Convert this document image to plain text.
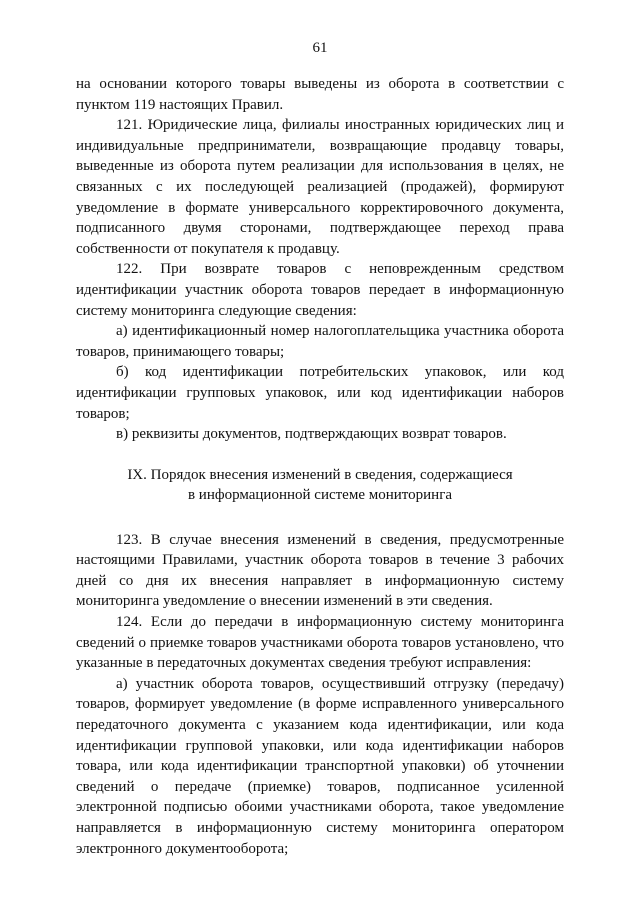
61

на основании которого товары выведены из оборота в соответствии с пунктом 119 настоящих Правил.

121. Юридические лица, филиалы иностранных юридических лиц и индивидуальные предприниматели, возвращающие продавцу товары, выведенные из оборота путем реализации для использования в целях, не связанных с их последующей реализацией (продажей), формируют уведомление в формате универсального корректировочного документа, подписанного двумя сторонами, подтверждающее переход права собственности от покупателя к продавцу.

122. При возврате товаров с неповрежденным средством идентификации участник оборота товаров передает в информационную систему мониторинга следующие сведения:

а) идентификационный номер налогоплательщика участника оборота товаров, принимающего товары;

б) код идентификации потребительских упаковок, или код идентификации групповых упаковок, или код идентификации наборов товаров;

в) реквизиты документов, подтверждающих возврат товаров.

IX. Порядок внесения изменений в сведения, содержащиеся
в информационной системе мониторинга

123. В случае внесения изменений в сведения, предусмотренные настоящими Правилами, участник оборота товаров в течение 3 рабочих дней со дня их внесения направляет в информационную систему мониторинга уведомление о внесении изменений в эти сведения.

124. Если до передачи в информационную систему мониторинга сведений о приемке товаров участниками оборота товаров установлено, что указанные в передаточных документах сведения требуют исправления:

а) участник оборота товаров, осуществивший отгрузку (передачу) товаров, формирует уведомление (в форме исправленного универсального передаточного документа с указанием кода идентификации, или кода идентификации групповой упаковки, или кода идентификации наборов товара, или кода идентификации транспортной упаковки) об уточнении сведений о передаче (приемке) товаров, подписанное усиленной электронной подписью обоими участниками оборота, такое уведомление направляется в информационную систему мониторинга оператором электронного документооборота;
